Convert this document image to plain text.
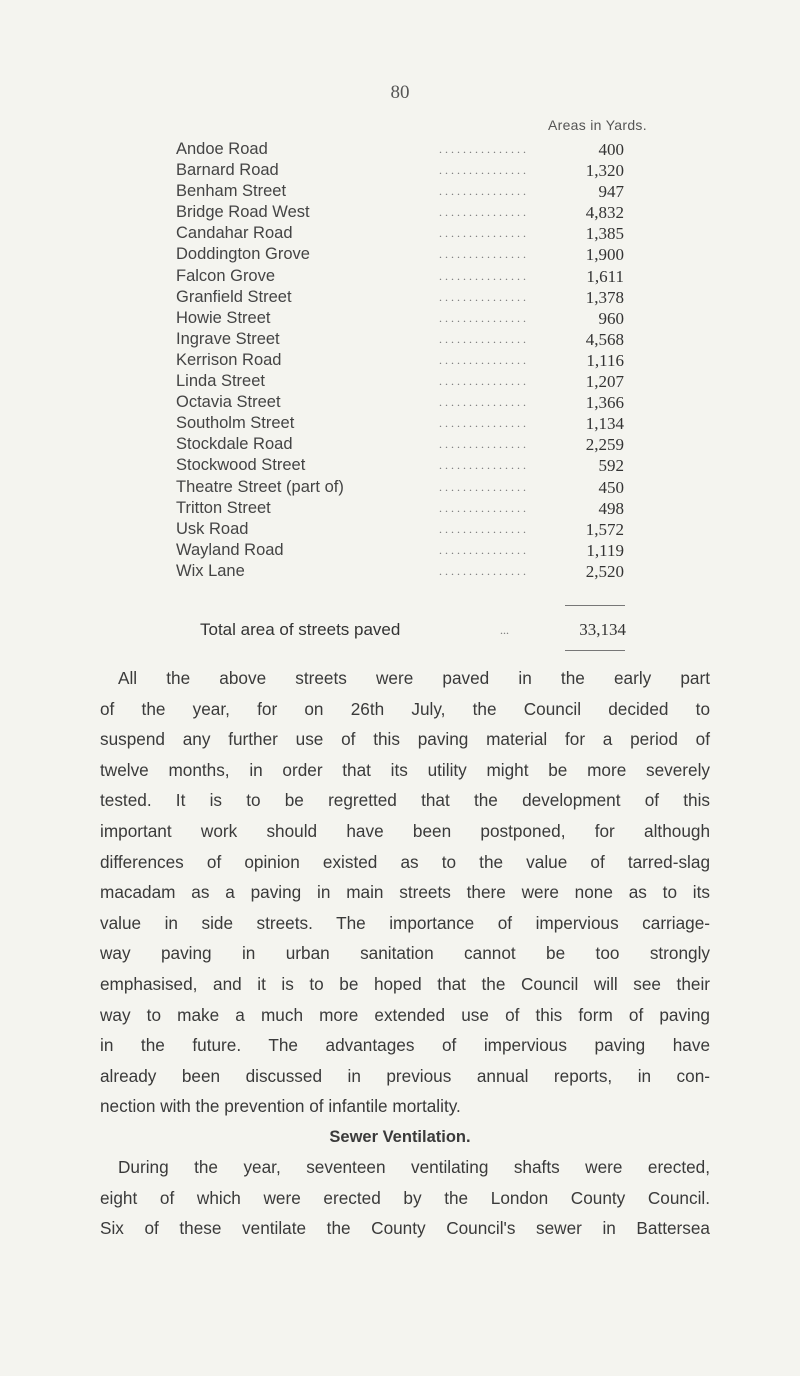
80
Areas in Yards.
Andoe Road	. . . . . . . . . . . . . . .	400
Barnard Road	. . . . . . . . . . . . . . .	1,320
Benham Street	. . . . . . . . . . . . . . .	947
Bridge Road West	. . . . . . . . . . . . . . .	4,832
Candahar Road	. . . . . . . . . . . . . . .	1,385
Doddington Grove	. . . . . . . . . . . . . . .	1,900
Falcon Grove	. . . . . . . . . . . . . . .	1,611
Granfield Street	. . . . . . . . . . . . . . .	1,378
Howie Street	. . . . . . . . . . . . . . .	960
Ingrave Street	. . . . . . . . . . . . . . .	4,568
Kerrison Road	. . . . . . . . . . . . . . .	1,116
Linda Street	. . . . . . . . . . . . . . .	1,207
Octavia Street	. . . . . . . . . . . . . . .	1,366
Southolm Street	. . . . . . . . . . . . . . .	1,134
Stockdale Road	. . . . . . . . . . . . . . .	2,259
Stockwood Street	. . . . . . . . . . . . . . .	592
Theatre Street (part of)	. . . . . . . . . . . . . . .	450
Tritton Street	. . . . . . . . . . . . . . .	498
Usk Road	. . . . . . . . . . . . . . .	1,572
Wayland Road	. . . . . . . . . . . . . . .	1,119
Wix Lane	. . . . . . . . . . . . . . .	2,520
Total area of streets paved	...	33,134
All the above streets were paved in the early part
of the year, for on 26th July, the Council decided to
suspend any further use of this paving material for a period of
twelve months, in order that its utility might be more severely
tested. It is to be regretted that the development of this
important work should have been postponed, for although
differences of opinion existed as to the value of tarred-slag
macadam as a paving in main streets there were none as to its
value in side streets. The importance of impervious carriage-
way paving in urban sanitation cannot be too strongly
emphasised, and it is to be hoped that the Council will see their
way to make a much more extended use of this form of paving
in the future. The advantages of impervious paving have
already been discussed in previous annual reports, in con-
nection with the prevention of infantile mortality.
Sewer Ventilation.
During the year, seventeen ventilating shafts were erected,
eight of which were erected by the London County Council.
Six of these ventilate the County Council's sewer in Battersea
